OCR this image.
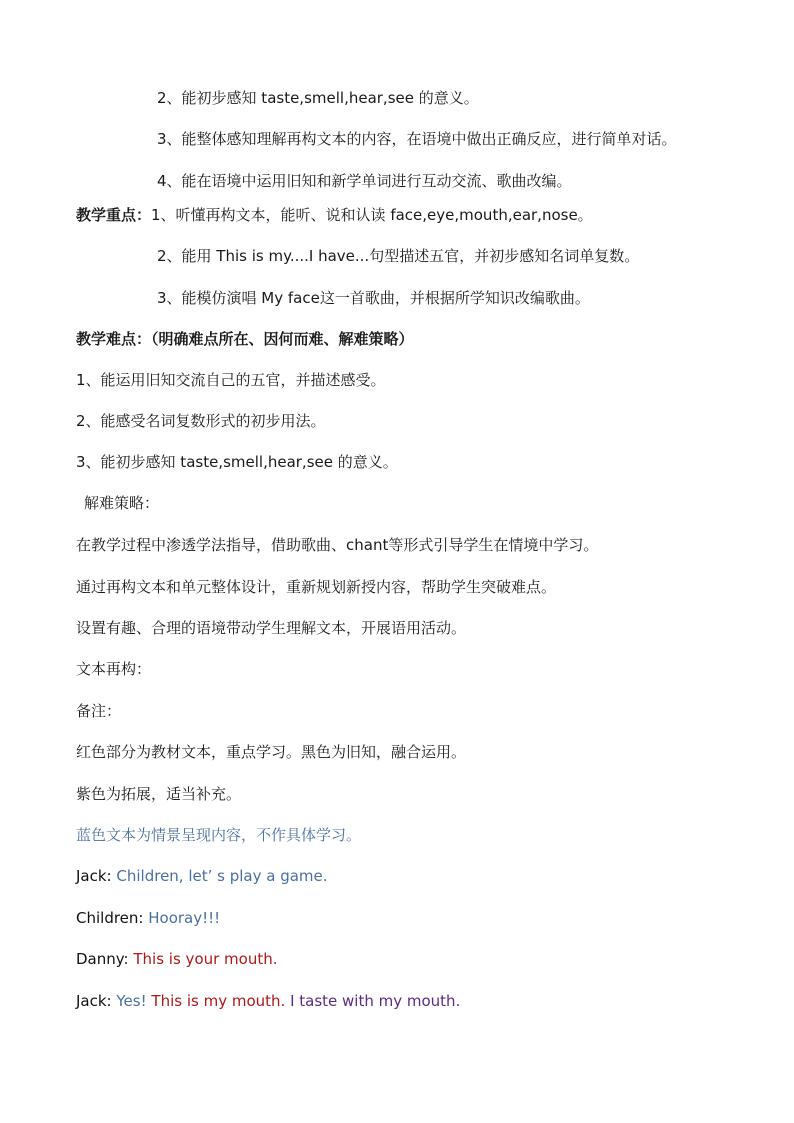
2、能初步感知 taste,smell,hear,see 的意义。
3、能整体感知理解再构文本的内容，在语境中做出正确反应，进行简单对话。
4、能在语境中运用旧知和新学单词进行互动交流、歌曲改编。
教学重点：1、听懂再构文本，能听、说和认读 face,eye,mouth,ear,nose。
2、能用 This is my....I have...句型描述五官，并初步感知名词单复数。
3、能模仿演唱 My face这一首歌曲，并根据所学知识改编歌曲。
教学难点：（明确难点所在、因何而难、解难策略）
1、能运用旧知交流自己的五官，并描述感受。
2、能感受名词复数形式的初步用法。
3、能初步感知 taste,smell,hear,see 的意义。
解难策略：
在教学过程中渗透学法指导，借助歌曲、chant等形式引导学生在情境中学习。
通过再构文本和单元整体设计，重新规划新授内容，帮助学生突破难点。
设置有趣、合理的语境带动学生理解文本，开展语用活动。
文本再构：
备注：
红色部分为教材文本，重点学习。黑色为旧知，融合运用。
紫色为拓展，适当补充。
蓝色文本为情景呈现内容，不作具体学习。
Jack: Children, let’ s play a game.
Children: Hooray!!!
Danny: This is your mouth.
Jack: Yes! This is my mouth. I taste with my mouth.
